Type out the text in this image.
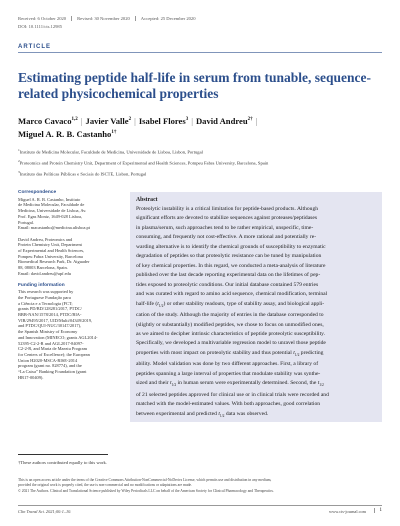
Received: 6 October 2020 Revised: 30 November 2020 Accepted: 25 December 2020
DOI: 10.1111/cts.12985
ARTICLE
Estimating peptide half-life in serum from tunable, sequence-
related physicochemical properties
Marco Cavaco$^{1,2}$ | Javier Valle$^2$ | Isabel Flores$^3$ | David Andreu$^{2\dagger}$ |
Miguel A. R. B. Castanho$^{1\dagger}$
$^1$Instituto de Medicina Molecular, Faculdade de Medicina, Universidade de Lisboa, Lisbon, Portugal
$^2$Proteomics and Protein Chemistry Unit, Department of Experimental and Health Sciences, Pompeu Fabra University, Barcelona, Spain
$^3$Instituto das Políticas Públicas e Sociais do ISCTE, Lisbon, Portugal
Correspondence
Miguel A. R. B. Castanho, Instituto
de Medicina Molecular, Faculdade de
Medicina, Universidade de Lisboa, Av.
Prof. Egas Moniz, 1649-028 Lisboa,
Portugal.
Email: macastanho@medicina.ulisboa.pt
David Andreu, Proteomics and
Protein Chemistry Unit, Department
of Experimental and Health Sciences,
Pompeu Fabra University, Barcelona
Biomedical Research Park, Dr. Aiguader
88, 08003 Barcelona, Spain.
Email: david.andreu@upf.edu
Funding information
This research was supported by
the Portuguese Fundação para
a Ciência e a Tecnologia (FCT;
grants PD/BD/128281/2017, PTDC/
BBB-NAN/1578/2014, PTDC/BIA-
VIR/29495/2017, UID/Multi/04349/2019,
and PTDC/QUI-NUC/30147/2017),
the Spanish Ministry of Economy
and Innovation (MINECO; grants AGL2014-
52395-C2-2-R and AGL2017-84097-
C2-2-R, and Maria de Maeztu Program
for Centers of Excellence); the European
Union H2020-MSCA-RISE-2014
program (grant no. 828774), and the
“La Caixa” Banking Foundation (grant
HR17-00409).
Abstract
Proteolytic instability is a critical limitation for peptide-based products. Although
significant efforts are devoted to stabilize sequences against proteases/peptidases
in plasma/serum, such approaches tend to be rather empirical, unspecific, time-
consuming, and frequently not cost-effective. A more rational and potentially re-
warding alternative is to identify the chemical grounds of susceptibility to enzymatic
degradation of peptides so that proteolytic resistance can be tuned by manipulation
of key chemical properties. In this regard, we conducted a meta-analysis of literature
published over the last decade reporting experimental data on the lifetimes of pep-
tides exposed to proteolytic conditions. Our initial database contained 579 entries
and was curated with regard to amino acid sequence, chemical modification, terminal
half-life $(t_{1/2})$ or other stability readouts, type of stability assay, and biological appli-
cation of the study. Although the majority of entries in the database corresponded to
(slightly or substantially) modified peptides, we chose to focus on unmodified ones,
as we aimed to decipher intrinsic characteristics of peptide proteolytic susceptibility.
Specifically, we developed a multivariable regression model to unravel those peptide
properties with most impact on proteolytic stability and thus potential $t_{1/2}$ predicting
ability. Model validation was done by two different approaches. First, a library of
peptides spanning a large interval of properties that modulate stability was synthe-
sized and their $t_{1/2}$ in human serum were experimentally determined. Second, the $t_{1/2}$
of 21 selected peptides approved for clinical use or in clinical trials were recorded and
matched with the model-estimated values. With both approaches, good correlation
between experimental and predicted $t_{1/2}$ data was observed.
†These authors contributed equally to this work.
This is an open access article under the terms of the Creative Commons Attribution-NonCommercial-NoDerivs License, which permits use and distribution in any medium,
provided the original work is properly cited, the use is non-commercial and no modifications or adaptations are made.
© 2021 The Authors. Clinical and Translational Science published by Wiley Periodicals LLC on behalf of the American Society for Clinical Pharmacology and Therapeutics.
Clin Transl Sci. 2021;00:1–10.	www.cts-journal.com	1
